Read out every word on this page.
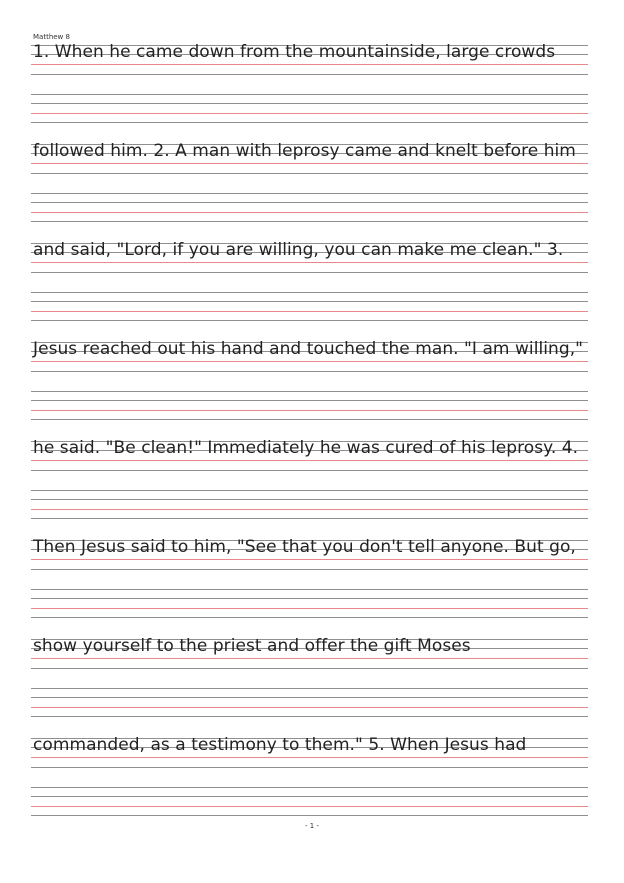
Matthew 8
1. When he came down from the mountainside, large crowds
followed him. 2. A man with leprosy came and knelt before him
and said, "Lord, if you are willing, you can make me clean." 3.
Jesus reached out his hand and touched the man. "I am willing,"
he said. "Be clean!" Immediately he was cured of his leprosy. 4.
Then Jesus said to him, "See that you don't tell anyone. But go,
show yourself to the priest and offer the gift Moses
commanded, as a testimony to them." 5. When Jesus had
- 1 -
